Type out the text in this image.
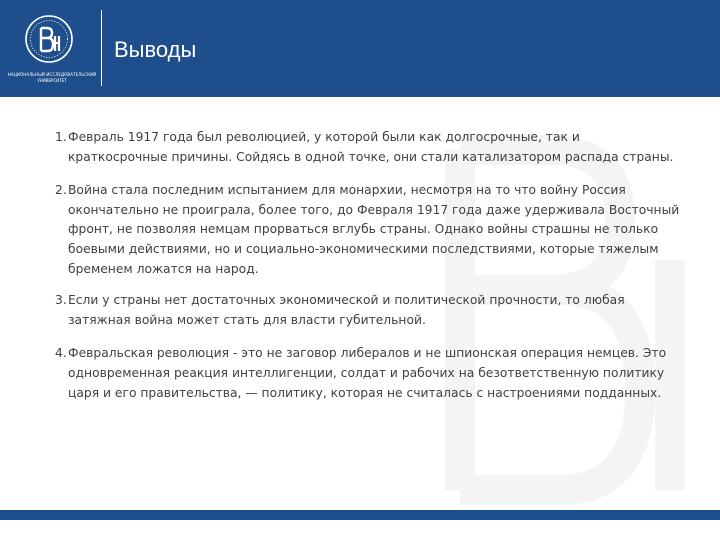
НАЦИОНАЛЬНЫЙ ИССЛЕДОВАТЕЛЬСКИЙ
УНИВЕРСИТЕТ
Выводы
1. Февраль 1917 года был революцией, у которой были как долгосрочные, так и краткосрочные причины. Сойдясь в одной точке, они стали катализатором распада страны.
2. Война стала последним испытанием для монархии, несмотря на то что войну Россия окончательно не проиграла, более того, до Февраля 1917 года даже удерживала Восточный фронт, не позволяя немцам прорваться вглубь страны. Однако войны страшны не только боевыми действиями, но и социально-экономическими последствиями, которые тяжелым бременем ложатся на народ.
3. Если у страны нет достаточных экономической и политической прочности, то любая затяжная война может стать для власти губительной.
4. Февральская революция - это не заговор либералов и не шпионская операция немцев. Это одновременная реакция интеллигенции, солдат и рабочих на безответственную политику царя и его правительства, — политику, которая не считалась с настроениями подданных.
